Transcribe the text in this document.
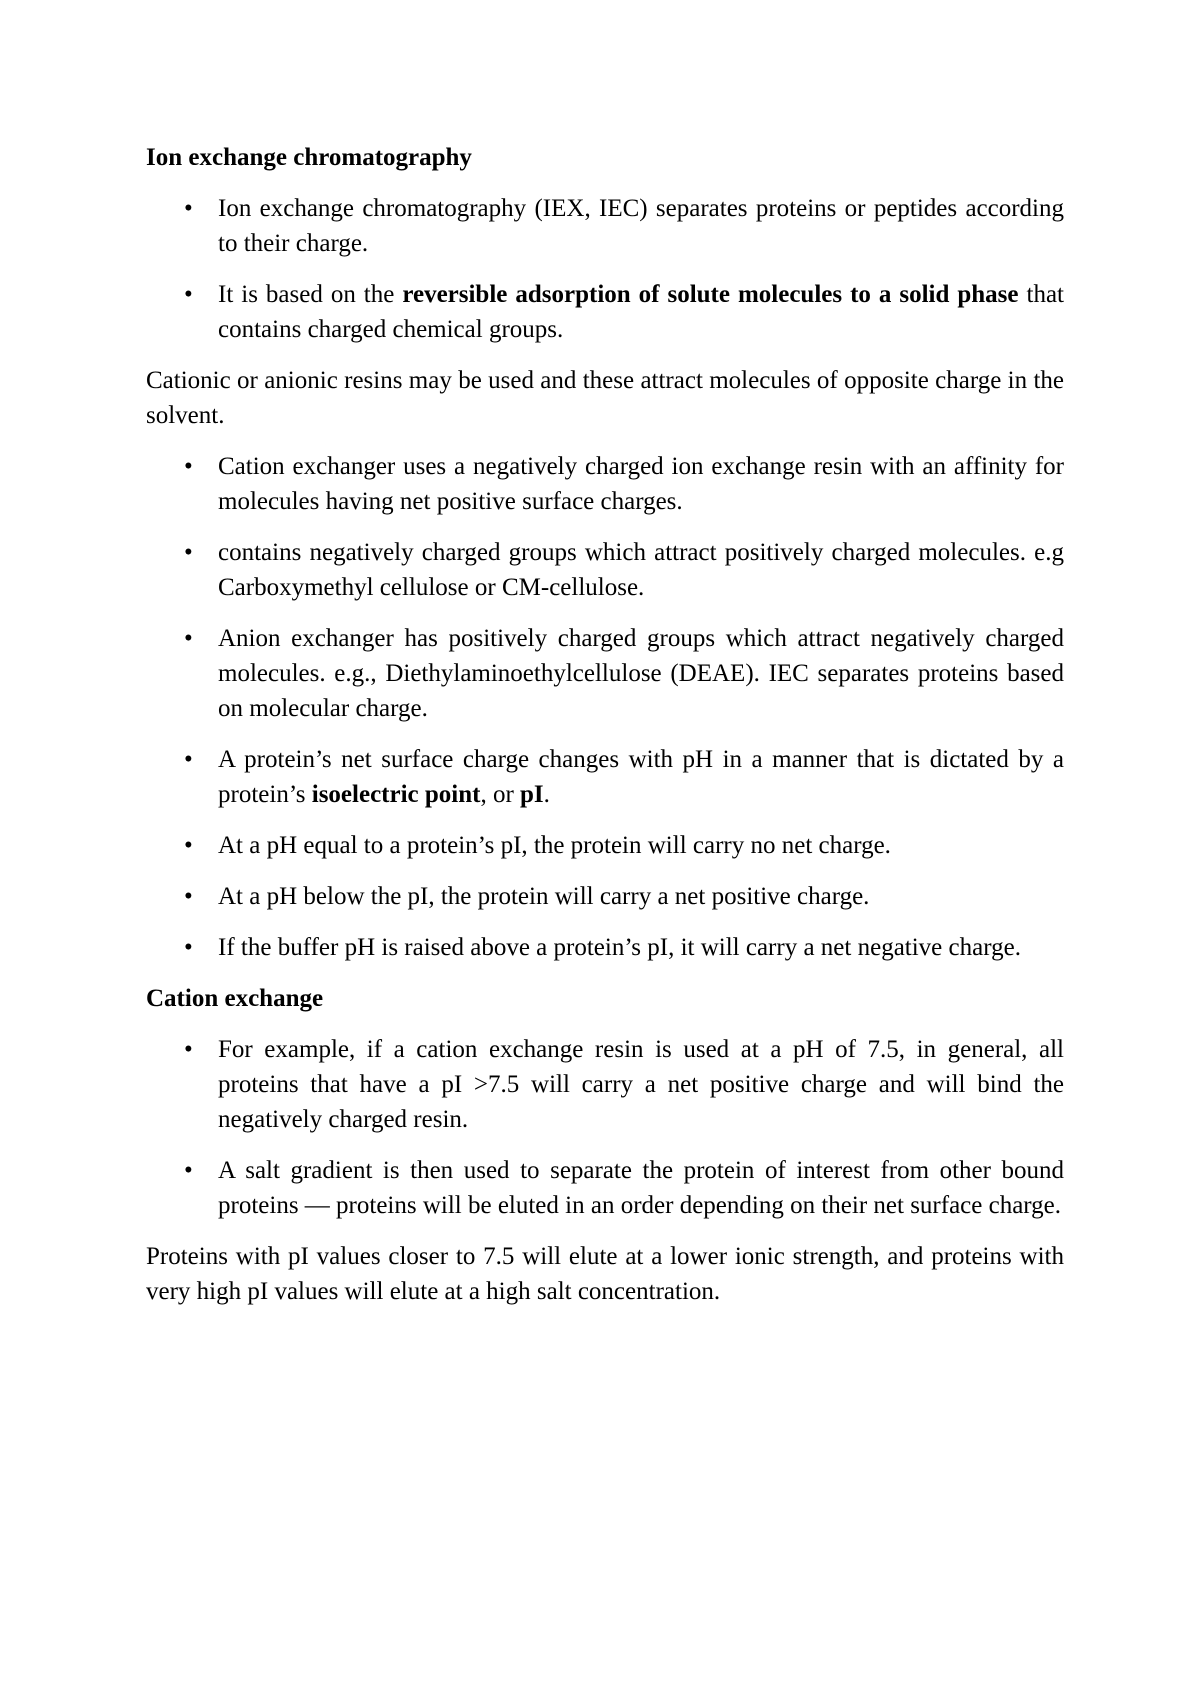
Ion exchange chromatography
• Ion exchange chromatography (IEX, IEC) separates proteins or peptides according to their charge.
• It is based on the reversible adsorption of solute molecules to a solid phase that contains charged chemical groups.
Cationic or anionic resins may be used and these attract molecules of opposite charge in the solvent.
• Cation exchanger uses a negatively charged ion exchange resin with an affinity for molecules having net positive surface charges.
• contains negatively charged groups which attract positively charged molecules. e.g Carboxymethyl cellulose or CM-cellulose.
• Anion exchanger has positively charged groups which attract negatively charged molecules. e.g., Diethylaminoethylcellulose (DEAE). IEC separates proteins based on molecular charge.
• A protein’s net surface charge changes with pH in a manner that is dictated by a protein’s isoelectric point, or pI.
• At a pH equal to a protein’s pI, the protein will carry no net charge.
• At a pH below the pI, the protein will carry a net positive charge.
• If the buffer pH is raised above a protein’s pI, it will carry a net negative charge.
Cation exchange
• For example, if a cation exchange resin is used at a pH of 7.5, in general, all proteins that have a pI >7.5 will carry a net positive charge and will bind the negatively charged resin.
• A salt gradient is then used to separate the protein of interest from other bound proteins — proteins will be eluted in an order depending on their net surface charge.
Proteins with pI values closer to 7.5 will elute at a lower ionic strength, and proteins with very high pI values will elute at a high salt concentration.
